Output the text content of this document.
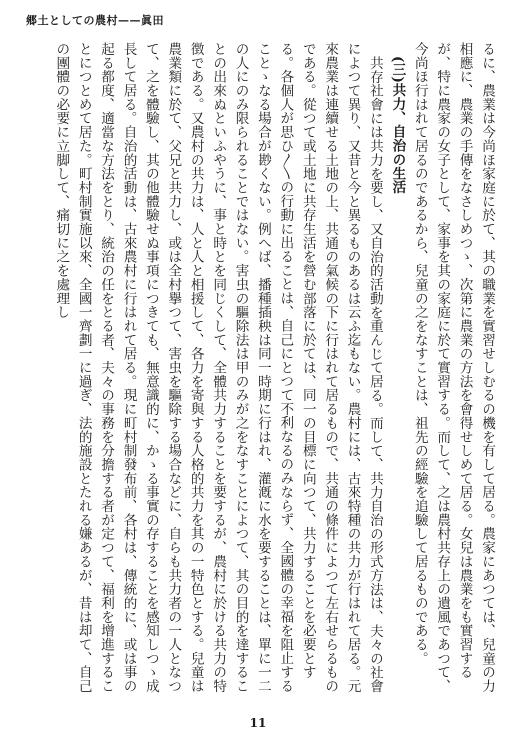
郷土としての農村——眞田

るに、農業は今尚ほ家庭に於て、其の職業を實習せしむるの機を有して居る。農家にあつては、兒童の力相應に、農業の手傳をなさしめつゝ、次第に農業の方法を會得せしめて居る。女兒は農業をも實習するが、特に農家の女子として、家事を其の家庭に於て實習する。而して、之は農村共存上の遺風であつて、今尚ほ行はれて居るのであるから、兒童の之をなすことは、祖先の經驗を追驗して居るものである。

(三)共力、自治の生活

共存社會には共力を要し、又自治的活動を重んじて居る。而して、共力自治の形式方法は、夫々の社會によつて異り、又昔と今と異るものあるは云ふ迄もない。農村には、古來特種の共力が行はれて居る。元來農業は連續せる土地の上、共通の氣候の下に行はれて居るもので、共通の條件によつて左右せらるものである。從つて或土地に共存生活を營む部落に於ては、同一の目標に向つて、共力することを必要とする。各個人が思ひ〳〵の行動に出ることは、自己にとつて不利なるのみならず、全國體の幸福を阻止することゝなる場合が尠くない。例へば、播種插秧は同一時期に行はれ、灌漑に水を要することは、單に一二の人にのみ限られることではない。害虫の驅除法は甲のみが之をなすことによつて、其の目的を達することの出來ぬといふやうに、事と時とを同じくして、全體共力することを要するが、農村に於ける共力の特徴である。又農村の共力は、人と人と相援して、各力を寄與する人格的共力を其の一特色とする。兒童は農業類に於て、父兄と共力し、或は全村擧つて、害虫を驅除する場合などに、自らも共力者の一人となつて、之を體驗し、其の他體驗せぬ事項につきても、無意識的に、かゝる事實の存することを感知しつゝ成長して居る。自治的活動は、古來農村に行はれて居る。現に町村制發布前、各村は、傳統的に、或は事の起る都度、適當な方法をとり、統治の任をとる者、夫々の事務を分擔する者が定つて、福利を增進することにつとめて居た。町村制實施以來、全國一齊劃一に過ぎ、法的施設とたれる嫌あるが、昔は却て、自己の團體の必要に立脚して、痛切に之を處理し

11
